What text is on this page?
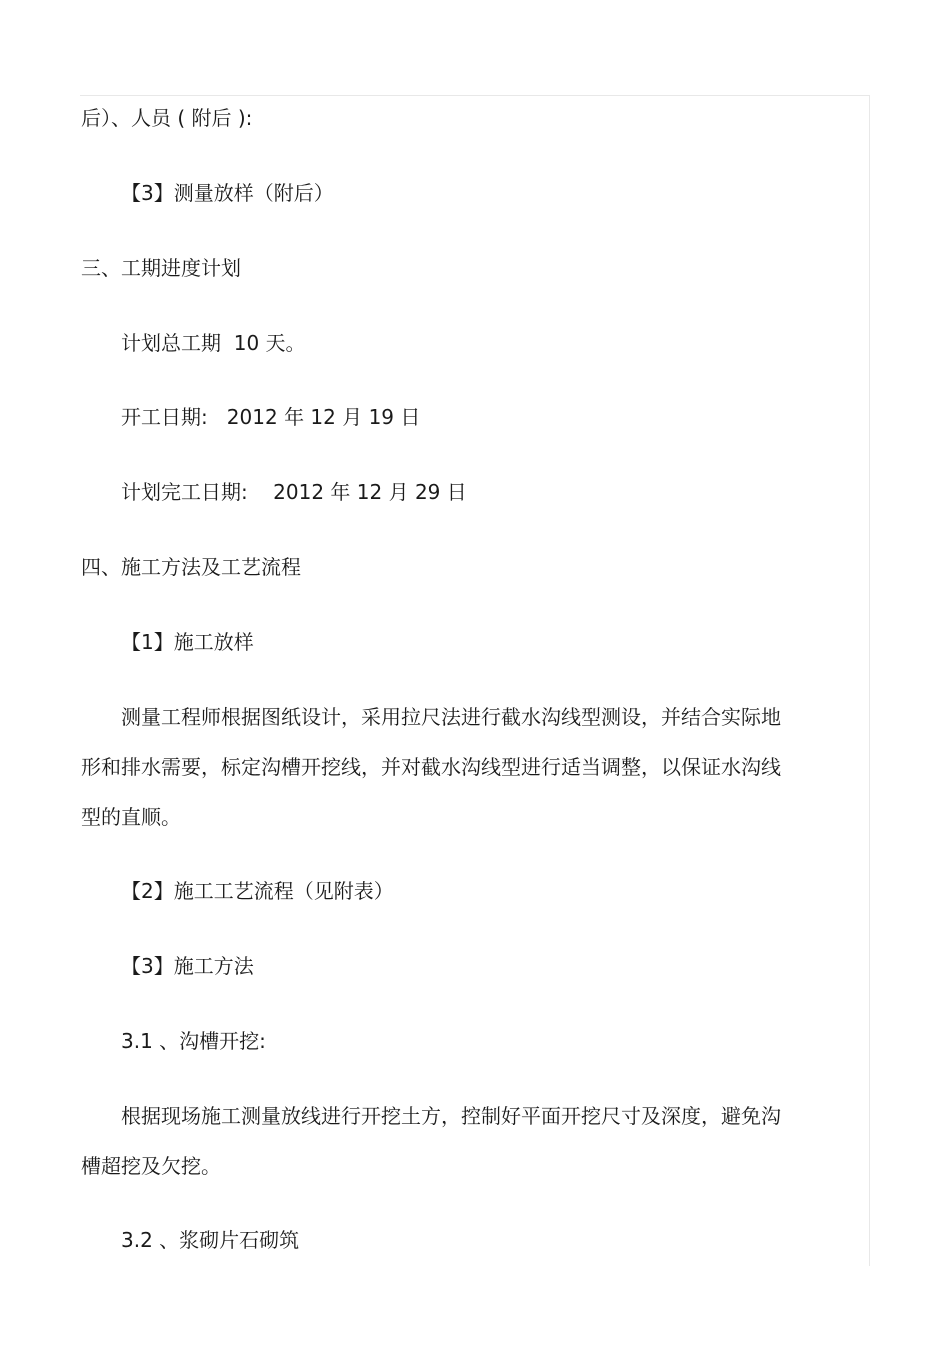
后）、人员 ( 附后 ):
【3】测量放样（附后）
三、工期进度计划
计划总工期  10 天。
开工日期:   2012 年 12 月 19 日
计划完工日期:    2012 年 12 月 29 日
四、施工方法及工艺流程
【1】施工放样
测量工程师根据图纸设计，采用拉尺法进行截水沟线型测设，并结合实际地
形和排水需要，标定沟槽开挖线，并对截水沟线型进行适当调整，以保证水沟线
型的直顺。
【2】施工工艺流程（见附表）
【3】施工方法
3.1 、沟槽开挖:
根据现场施工测量放线进行开挖土方，控制好平面开挖尺寸及深度，避免沟
槽超挖及欠挖。
3.2 、浆砌片石砌筑
